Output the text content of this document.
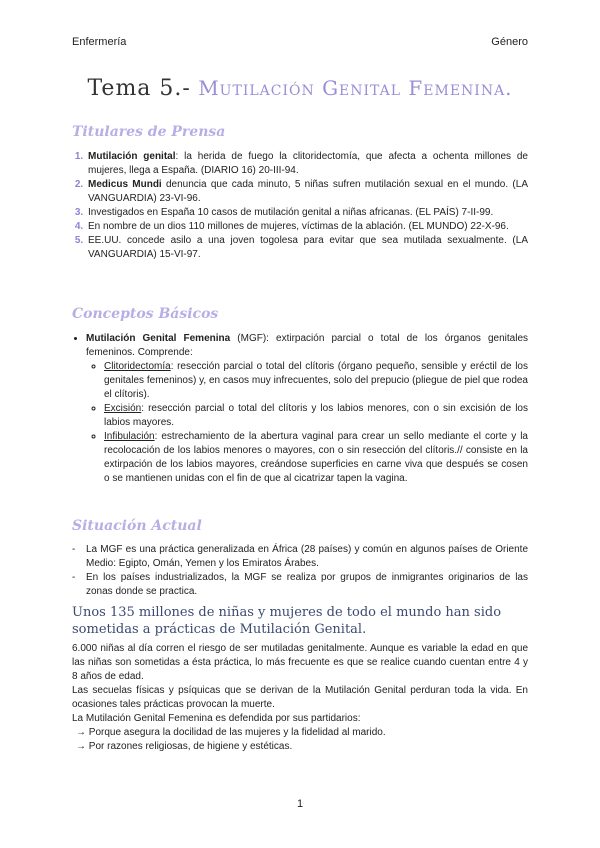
Enfermería	Género
Tema 5.- Mutilación Genital Femenina.
Titulares de Prensa
1. Mutilación genital: la herida de fuego la clitoridectomía, que afecta a ochenta millones de mujeres, llega a España. (DIARIO 16) 20-III-94.
2. Medicus Mundi denuncia que cada minuto, 5 niñas sufren mutilación sexual en el mundo. (LA VANGUARDIA) 23-VI-96.
3. Investigados en España 10 casos de mutilación genital a niñas africanas. (EL PAÍS) 7-II-99.
4. En nombre de un dios 110 millones de mujeres, víctimas de la ablación. (EL MUNDO) 22-X-96.
5. EE.UU. concede asilo a una joven togolesa para evitar que sea mutilada sexualmente. (LA VANGUARDIA) 15-VI-97.
Conceptos Básicos
• Mutilación Genital Femenina (MGF): extirpación parcial o total de los órganos genitales femeninos. Comprende:
◦ Clitoridectomía: resección parcial o total del clítoris (órgano pequeño, sensible y eréctil de los genitales femeninos) y, en casos muy infrecuentes, solo del prepucio (pliegue de piel que rodea el clítoris).
◦ Excisión: resección parcial o total del clítoris y los labios menores, con o sin excisión de los labios mayores.
◦ Infibulación: estrechamiento de la abertura vaginal para crear un sello mediante el corte y la recolocación de los labios menores o mayores, con o sin resección del clítoris.// consiste en la extirpación de los labios mayores, creándose superficies en carne viva que después se cosen o se mantienen unidas con el fin de que al cicatrizar tapen la vagina.
Situación Actual
- La MGF es una práctica generalizada en África (28 países) y común en algunos países de Oriente Medio: Egipto, Omán, Yemen y los Emiratos Árabes.
- En los países industrializados, la MGF se realiza por grupos de inmigrantes originarios de las zonas donde se practica.
Unos 135 millones de niñas y mujeres de todo el mundo han sido sometidas a prácticas de Mutilación Genital.

6.000 niñas al día corren el riesgo de ser mutiladas genitalmente. Aunque es variable la edad en que las niñas son sometidas a ésta práctica, lo más frecuente es que se realice cuando cuentan entre 4 y 8 años de edad.

Las secuelas físicas y psíquicas que se derivan de la Mutilación Genital perduran toda la vida. En ocasiones tales prácticas provocan la muerte.

La Mutilación Genital Femenina es defendida por sus partidarios:

→ Porque asegura la docilidad de las mujeres y la fidelidad al marido.

→ Por razones religiosas, de higiene y estéticas.

1
